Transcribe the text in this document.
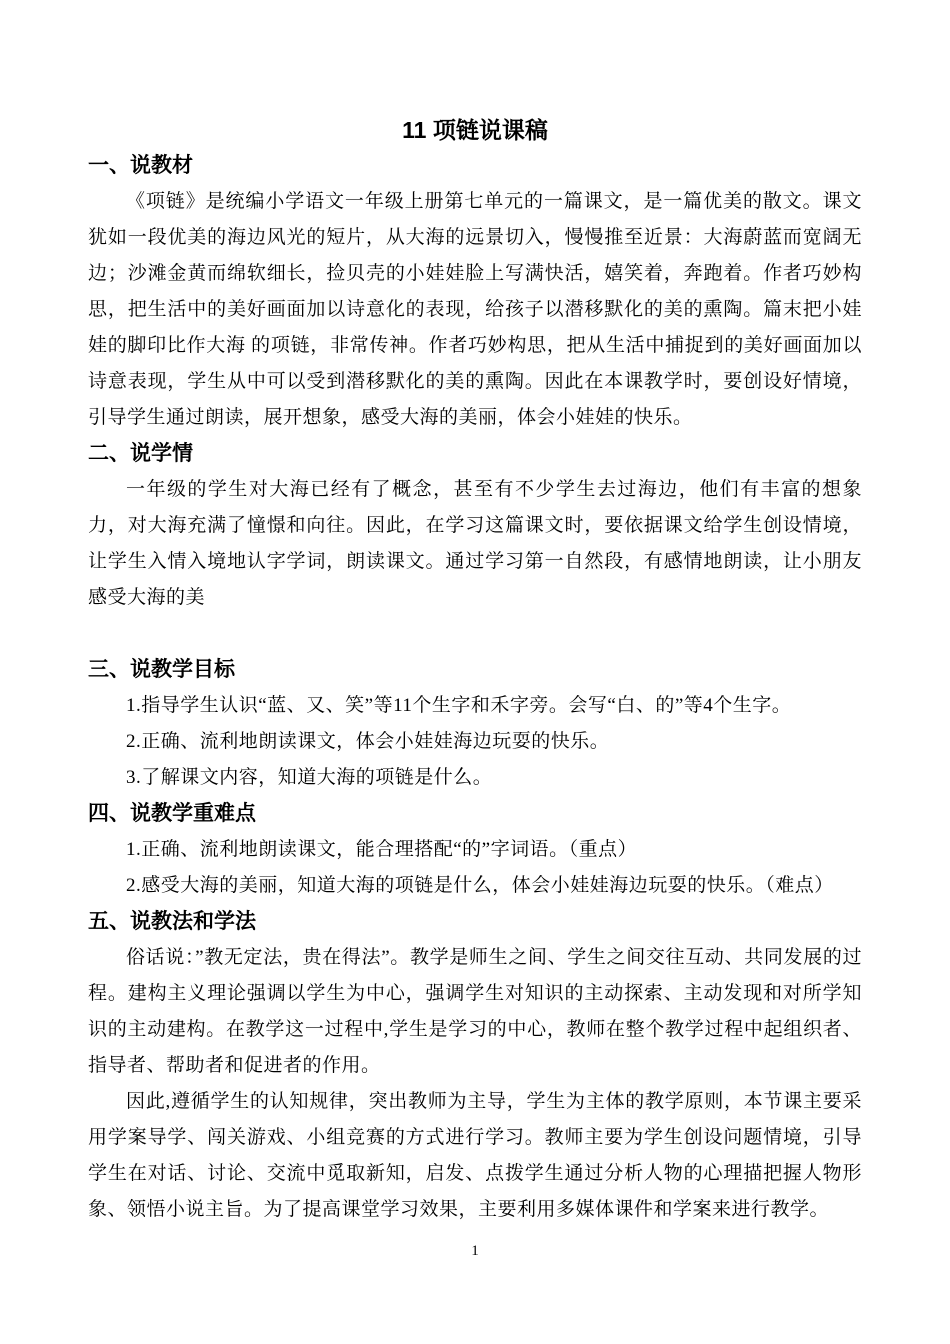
11 项链说课稿
一、说教材

《项链》是统编小学语文一年级上册第七单元的一篇课文，是一篇优美的散文。课文犹如一段优美的海边风光的短片，从大海的远景切入，慢慢推至近景：大海蔚蓝而宽阔无边；沙滩金黄而绵软细长，捡贝壳的小娃娃脸上写满快活，嬉笑着，奔跑着。作者巧妙构思，把生活中的美好画面加以诗意化的表现，给孩子以潜移默化的美的熏陶。篇末把小娃娃的脚印比作大海 的项链，非常传神。作者巧妙构思，把从生活中捕捉到的美好画面加以诗意表现，学生从中可以受到潜移默化的美的熏陶。因此在本课教学时，要创设好情境，引导学生通过朗读，展开想象，感受大海的美丽，体会小娃娃的快乐。

二、说学情

一年级的学生对大海已经有了概念，甚至有不少学生去过海边，他们有丰富的想象力，对大海充满了憧憬和向往。因此，在学习这篇课文时，要依据课文给学生创设情境，让学生入情入境地认字学词，朗读课文。通过学习第一自然段，有感情地朗读，让小朋友感受大海的美

三、说教学目标

1.指导学生认识“蓝、又、笑”等11个生字和禾字旁。会写“白、的”等4个生字。

2.正确、流利地朗读课文，体会小娃娃海边玩耍的快乐。

3.了解课文内容，知道大海的项链是什么。

四、说教学重难点

1.正确、流利地朗读课文，能合理搭配“的”字词语。（重点）

2.感受大海的美丽，知道大海的项链是什么，体会小娃娃海边玩耍的快乐。（难点）

五、说教法和学法

俗话说：”教无定法，贵在得法”。教学是师生之间、学生之间交往互动、共同发展的过程。建构主义理论强调以学生为中心，强调学生对知识的主动探索、主动发现和对所学知识的主动建构。在教学这一过程中,学生是学习的中心，教师在整个教学过程中起组织者、指导者、帮助者和促进者的作用。

因此,遵循学生的认知规律，突出教师为主导，学生为主体的教学原则，本节课主要采用学案导学、闯关游戏、小组竞赛的方式进行学习。教师主要为学生创设问题情境，引导学生在对话、讨论、交流中觅取新知，启发、点拨学生通过分析人物的心理描把握人物形象、领悟小说主旨。为了提高课堂学习效果，主要利用多媒体课件和学案来进行教学。

1
